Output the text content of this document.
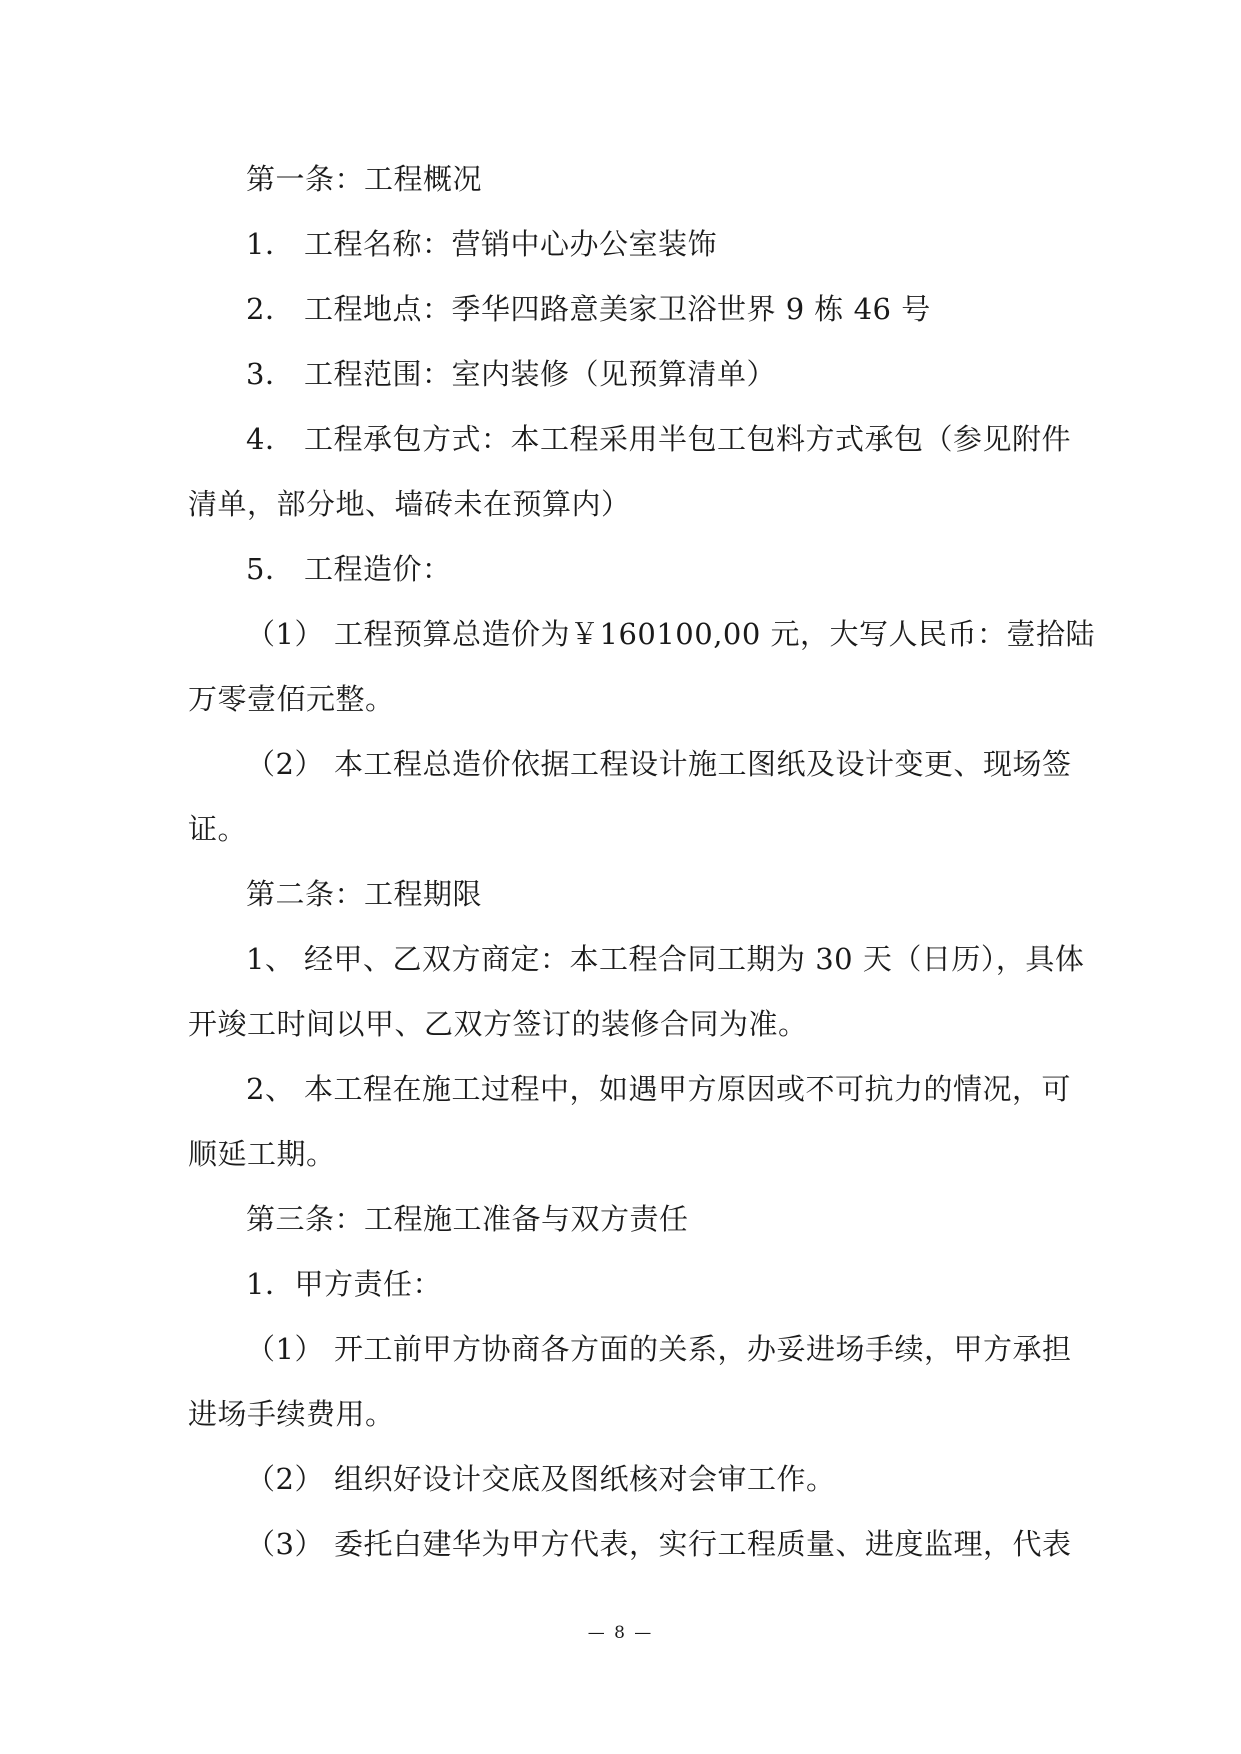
第一条：工程概况
1． 工程名称：营销中心办公室装饰
2． 工程地点：季华四路意美家卫浴世界 9 栋 46 号
3． 工程范围：室内装修（见预算清单）
4． 工程承包方式：本工程采用半包工包料方式承包（参见附件
清单，部分地、墙砖未在预算内）
5． 工程造价：
（1） 工程预算总造价为￥160100,00 元，大写人民币：壹拾陆
万零壹佰元整。
（2） 本工程总造价依据工程设计施工图纸及设计变更、现场签
证。
第二条：工程期限
1、 经甲、乙双方商定：本工程合同工期为 30 天（日历），具体
开竣工时间以甲、乙双方签订的装修合同为准。
2、 本工程在施工过程中，如遇甲方原因或不可抗力的情况，可
顺延工期。
第三条：工程施工准备与双方责任
1．甲方责任：
（1） 开工前甲方协商各方面的关系，办妥进场手续，甲方承担
进场手续费用。
（2） 组织好设计交底及图纸核对会审工作。
（3） 委托白建华为甲方代表，实行工程质量、进度监理，代表
— 8 —
